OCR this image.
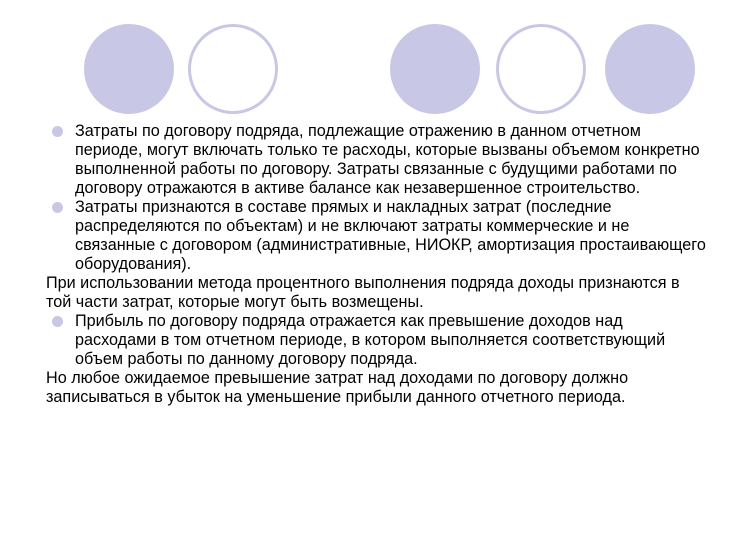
Затраты по договору подряда, подлежащие отражению в данном отчетном периоде, могут включать только те расходы, которые вызваны объемом конкретно выполненной работы по договору. Затраты связанные с будущими работами по договору отражаются в активе балансе как незавершенное строительство.
Затраты признаются в составе прямых и накладных затрат (последние распределяются по объектам) и не включают затраты коммерческие и не связанные с договором (административные, НИОКР, амортизация простаивающего оборудования).
При использовании метода процентного выполнения подряда доходы признаются в той части затрат, которые могут быть возмещены.
Прибыль по договору подряда отражается как превышение доходов над расходами в том отчетном периоде, в котором выполняется соответствующий объем работы по данному договору подряда.
Но любое ожидаемое превышение затрат над доходами по договору должно записываться в убыток на уменьшение прибыли данного отчетного периода.
